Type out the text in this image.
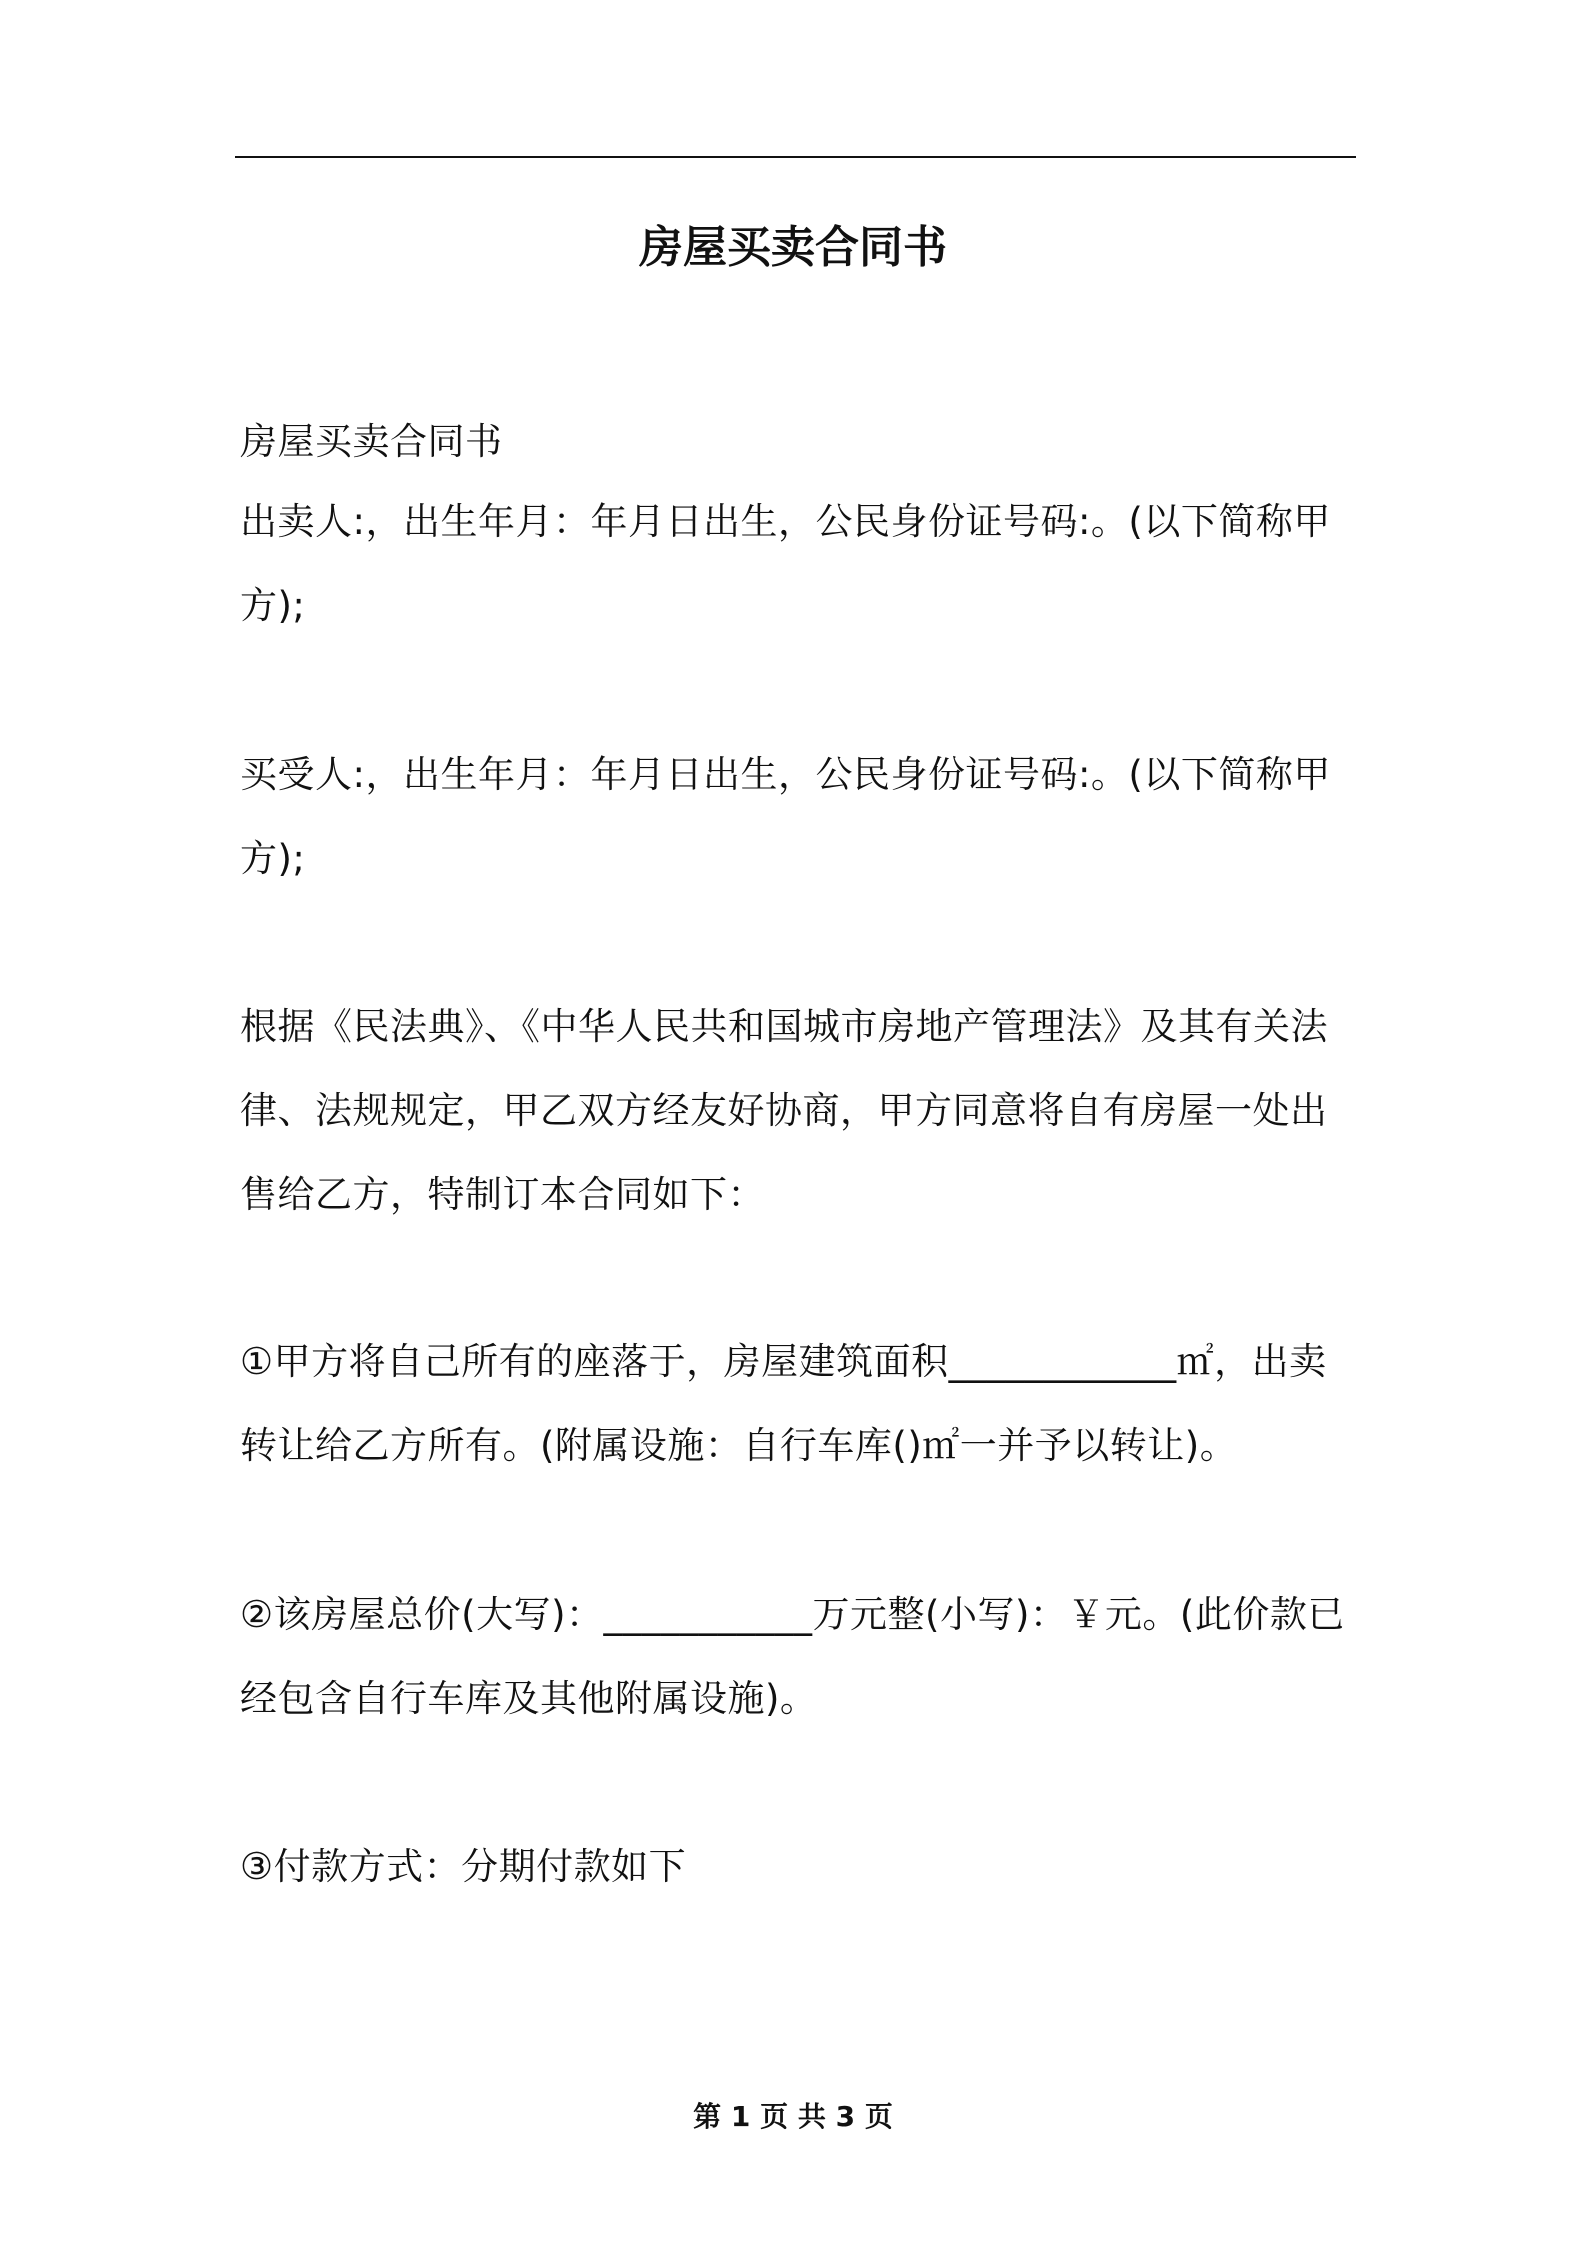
房屋买卖合同书

房屋买卖合同书

出卖人:，出生年月：年月日出生，公民身份证号码:。(以下简称甲方);

买受人:，出生年月：年月日出生，公民身份证号码:。(以下简称甲方);

根据《民法典》、《中华人民共和国城市房地产管理法》及其有关法律、法规规定，甲乙双方经友好协商，甲方同意将自有房屋一处出售给乙方，特制订本合同如下：

①甲方将自己所有的座落于，房屋建筑面积____________㎡，出卖转让给乙方所有。(附属设施：自行车库()㎡一并予以转让)。

②该房屋总价(大写)：___________万元整(小写)：￥元。(此价款已经包含自行车库及其他附属设施)。

③付款方式：分期付款如下

第 1 页 共 3 页
